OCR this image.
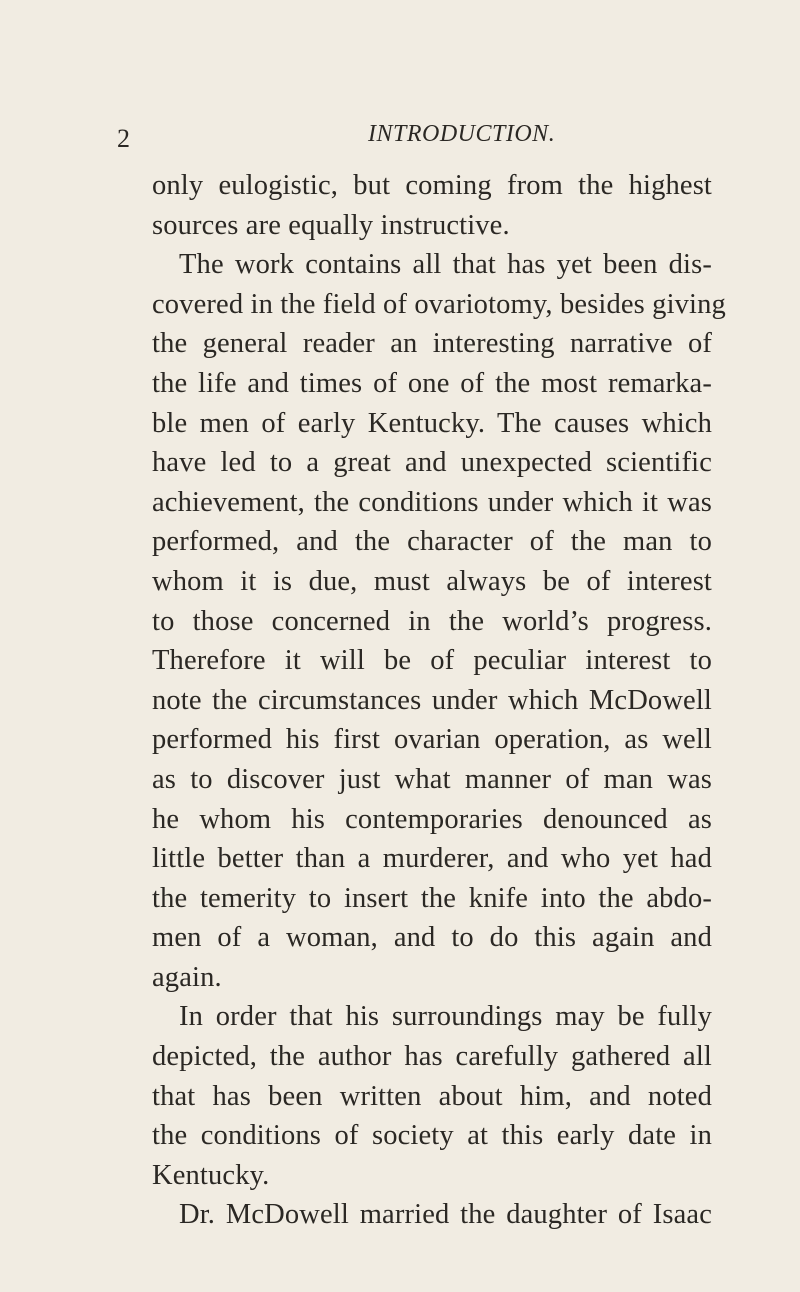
2	INTRODUCTION.
only eulogistic, but coming from the highest
sources are equally instructive.
The work contains all that has yet been dis-
covered in the field of ovariotomy, besides giving
the general reader an interesting narrative of
the life and times of one of the most remarka-
ble men of early Kentucky. The causes which
have led to a great and unexpected scientific
achievement, the conditions under which it was
performed, and the character of the man to
whom it is due, must always be of interest
to those concerned in the world’s progress.
Therefore it will be of peculiar interest to
note the circumstances under which McDowell
performed his first ovarian operation, as well
as to discover just what manner of man was
he whom his contemporaries denounced as
little better than a murderer, and who yet had
the temerity to insert the knife into the abdo-
men of a woman, and to do this again and
again.
In order that his surroundings may be fully
depicted, the author has carefully gathered all
that has been written about him, and noted
the conditions of society at this early date in
Kentucky.
Dr. McDowell married the daughter of Isaac
